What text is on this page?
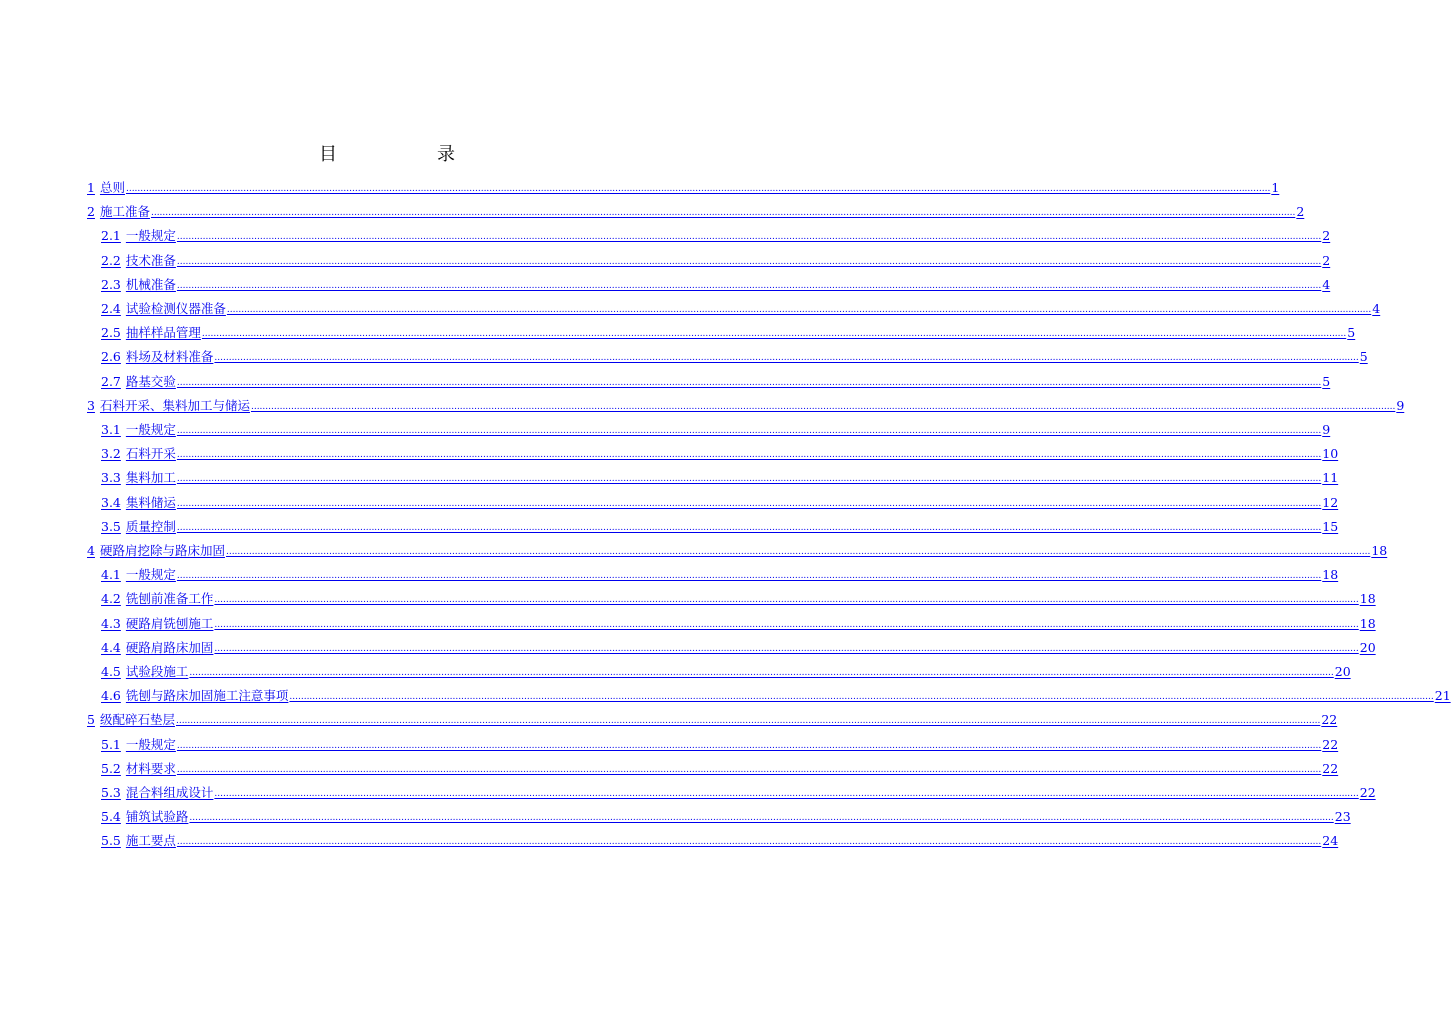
目	录
1 总则 ................................................................................................................................................................................................................................................................................................................................................................................................................ 1
2 施工准备 ................................................................................................................................................................................................................................................................................................................................................................................................................ 2
2.1 一般规定 ................................................................................................................................................................................................................................................................................................................................................................................................................ 2
2.2 技术准备 ................................................................................................................................................................................................................................................................................................................................................................................................................ 2
2.3 机械准备 ................................................................................................................................................................................................................................................................................................................................................................................................................ 4
2.4 试验检测仪器准备 ................................................................................................................................................................................................................................................................................................................................................................................................................ 4
2.5 抽样样品管理 ................................................................................................................................................................................................................................................................................................................................................................................................................ 5
2.6 料场及材料准备 ................................................................................................................................................................................................................................................................................................................................................................................................................ 5
2.7 路基交验 ................................................................................................................................................................................................................................................................................................................................................................................................................ 5
3 石料开采、集料加工与储运 ................................................................................................................................................................................................................................................................................................................................................................................................................ 9
3.1 一般规定 ................................................................................................................................................................................................................................................................................................................................................................................................................ 9
3.2 石料开采 ................................................................................................................................................................................................................................................................................................................................................................................................................ 10
3.3 集料加工 ................................................................................................................................................................................................................................................................................................................................................................................................................ 11
3.4 集料储运 ................................................................................................................................................................................................................................................................................................................................................................................................................ 12
3.5 质量控制 ................................................................................................................................................................................................................................................................................................................................................................................................................ 15
4 硬路肩挖除与路床加固 ................................................................................................................................................................................................................................................................................................................................................................................................................ 18
4.1 一般规定 ................................................................................................................................................................................................................................................................................................................................................................................................................ 18
4.2 铣刨前准备工作 ................................................................................................................................................................................................................................................................................................................................................................................................................ 18
4.3 硬路肩铣刨施工 ................................................................................................................................................................................................................................................................................................................................................................................................................ 18
4.4 硬路肩路床加固 ................................................................................................................................................................................................................................................................................................................................................................................................................ 20
4.5 试验段施工 ................................................................................................................................................................................................................................................................................................................................................................................................................ 20
4.6 铣刨与路床加固施工注意事项 ................................................................................................................................................................................................................................................................................................................................................................................................................ 21
5 级配碎石垫层 ................................................................................................................................................................................................................................................................................................................................................................................................................ 22
5.1 一般规定 ................................................................................................................................................................................................................................................................................................................................................................................................................ 22
5.2 材料要求 ................................................................................................................................................................................................................................................................................................................................................................................................................ 22
5.3 混合料组成设计 ................................................................................................................................................................................................................................................................................................................................................................................................................ 22
5.4 铺筑试验路 ................................................................................................................................................................................................................................................................................................................................................................................................................ 23
5.5 施工要点 ................................................................................................................................................................................................................................................................................................................................................................................................................ 24
